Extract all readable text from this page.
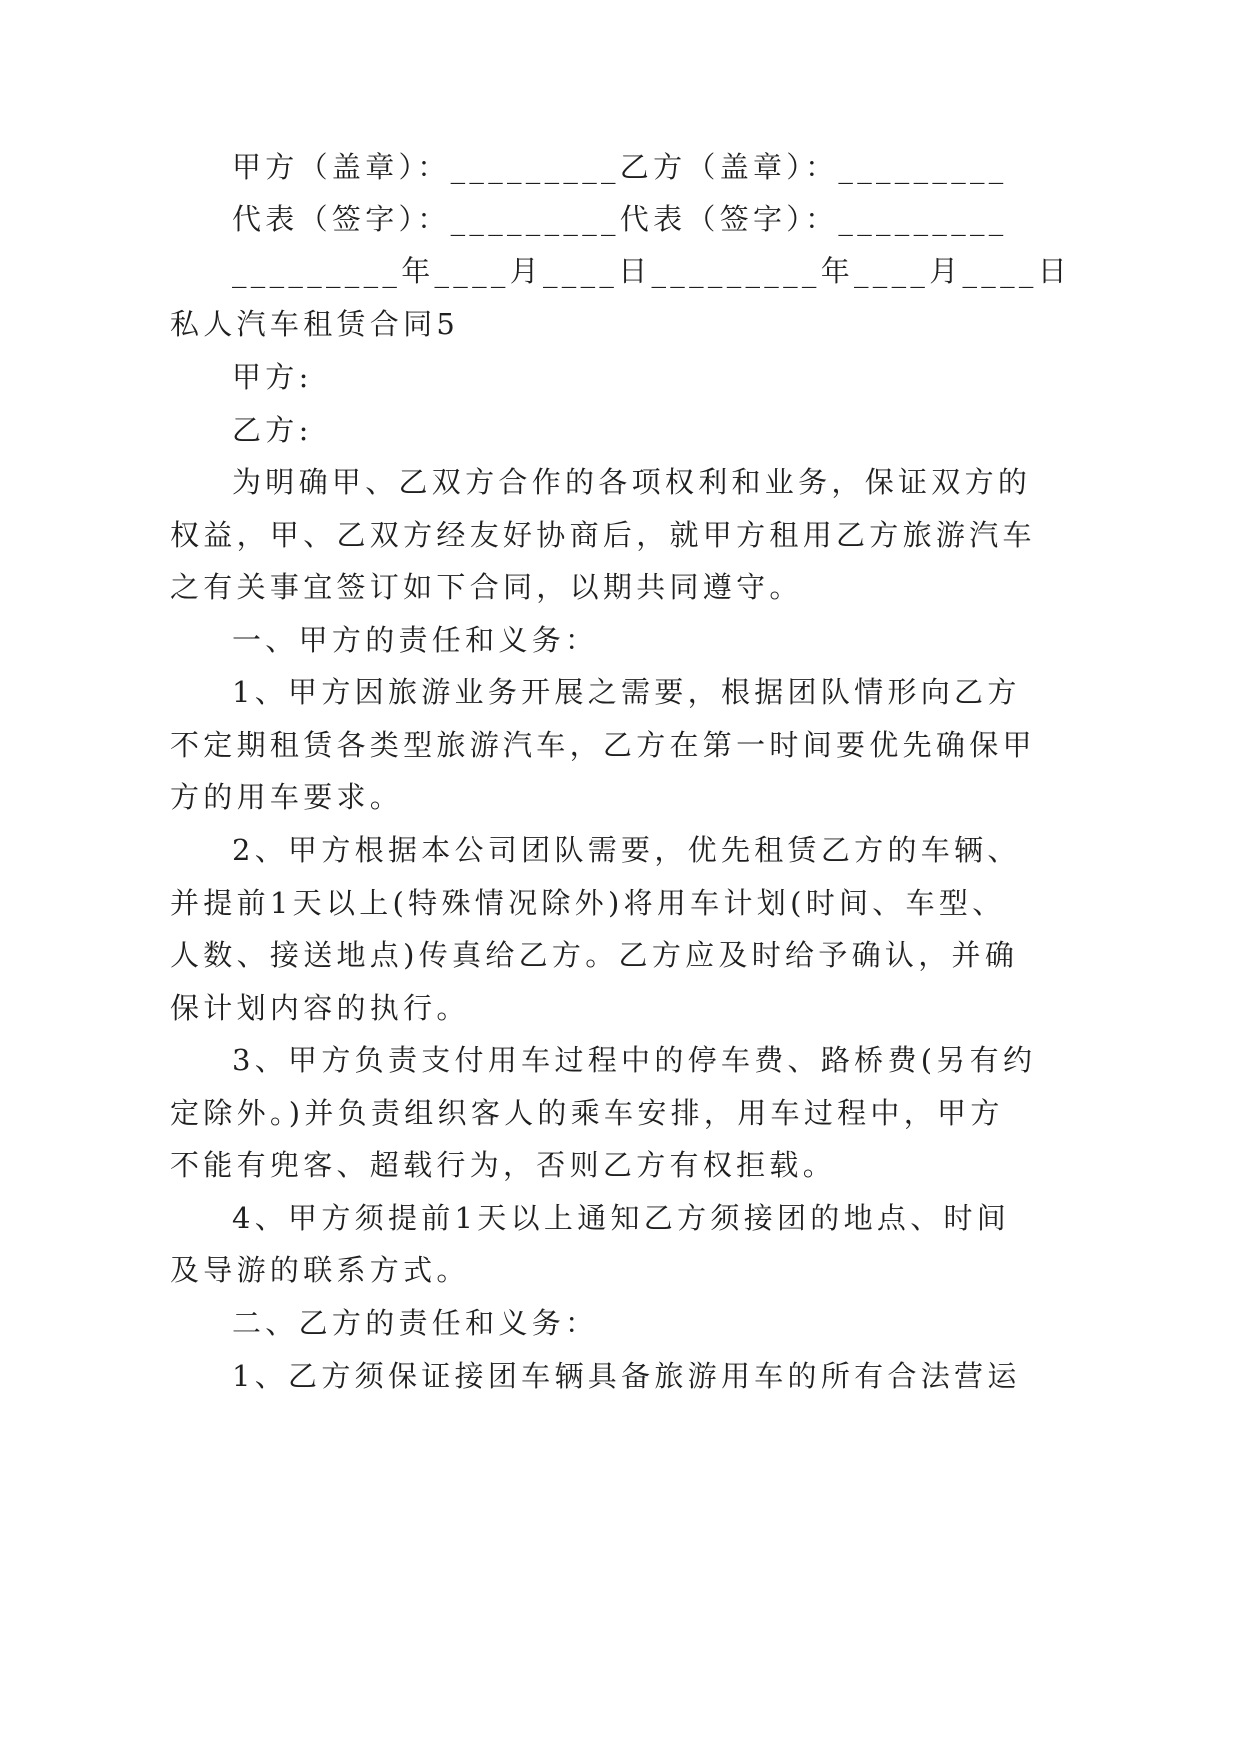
甲方（盖章）：_________乙方（盖章）：_________
代表（签字）：_________代表（签字）：_________
_________年____月____日_________年____月____日
私人汽车租赁合同5
甲方:
乙方:
为明确甲、乙双方合作的各项权利和业务，保证双方的
权益，甲、乙双方经友好协商后，就甲方租用乙方旅游汽车
之有关事宜签订如下合同，以期共同遵守。
一、甲方的责任和义务：
1、甲方因旅游业务开展之需要，根据团队情形向乙方
不定期租赁各类型旅游汽车，乙方在第一时间要优先确保甲
方的用车要求。
2、甲方根据本公司团队需要，优先租赁乙方的车辆、
并提前1天以上(特殊情况除外)将用车计划(时间、车型、
人数、接送地点)传真给乙方。乙方应及时给予确认，并确
保计划内容的执行。
3、甲方负责支付用车过程中的停车费、路桥费(另有约
定除外。)并负责组织客人的乘车安排，用车过程中，甲方
不能有兜客、超载行为，否则乙方有权拒载。
4、甲方须提前1天以上通知乙方须接团的地点、时间
及导游的联系方式。
二、乙方的责任和义务：
1、乙方须保证接团车辆具备旅游用车的所有合法营运
